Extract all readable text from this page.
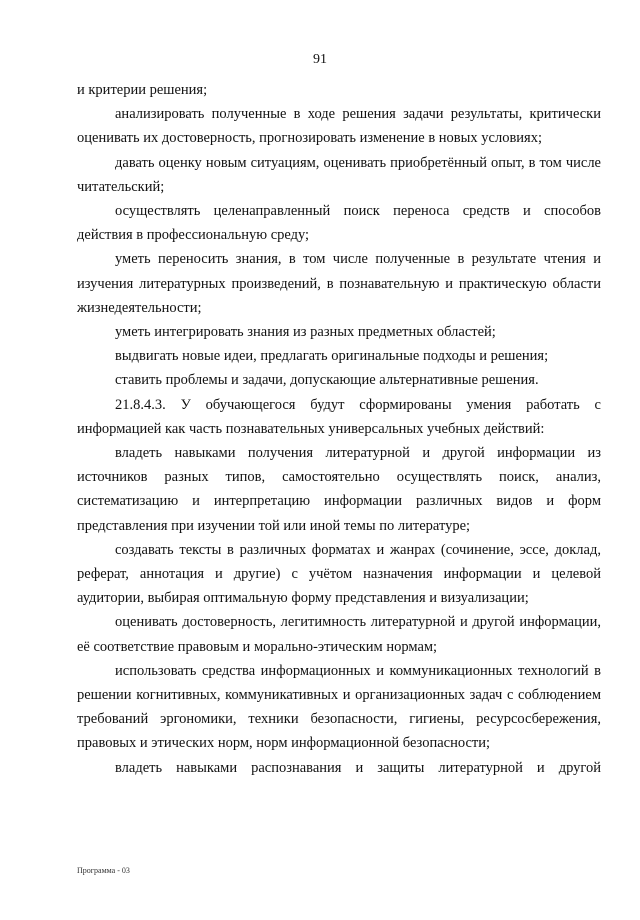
91

и критерии решения;

анализировать полученные в ходе решения задачи результаты, критически оценивать их достоверность, прогнозировать изменение в новых условиях;

давать оценку новым ситуациям, оценивать приобретённый опыт, в том числе читательский;

осуществлять целенаправленный поиск переноса средств и способов действия в профессиональную среду;

уметь переносить знания, в том числе полученные в результате чтения и изучения литературных произведений, в познавательную и практическую области жизнедеятельности;

уметь интегрировать знания из разных предметных областей;

выдвигать новые идеи, предлагать оригинальные подходы и решения;

ставить проблемы и задачи, допускающие альтернативные решения.

21.8.4.3. У обучающегося будут сформированы умения работать с информацией как часть познавательных универсальных учебных действий:

владеть навыками получения литературной и другой информации из источников разных типов, самостоятельно осуществлять поиск, анализ, систематизацию и интерпретацию информации различных видов и форм представления при изучении той или иной темы по литературе;

создавать тексты в различных форматах и жанрах (сочинение, эссе, доклад, реферат, аннотация и другие) с учётом назначения информации и целевой аудитории, выбирая оптимальную форму представления и визуализации;

оценивать достоверность, легитимность литературной и другой информации, её соответствие правовым и морально-этическим нормам;

использовать средства информационных и коммуникационных технологий в решении когнитивных, коммуникативных и организационных задач с соблюдением требований эргономики, техники безопасности, гигиены, ресурсосбережения, правовых и этических норм, норм информационной безопасности;

владеть навыками распознавания и защиты литературной и другой

Программа - 03
